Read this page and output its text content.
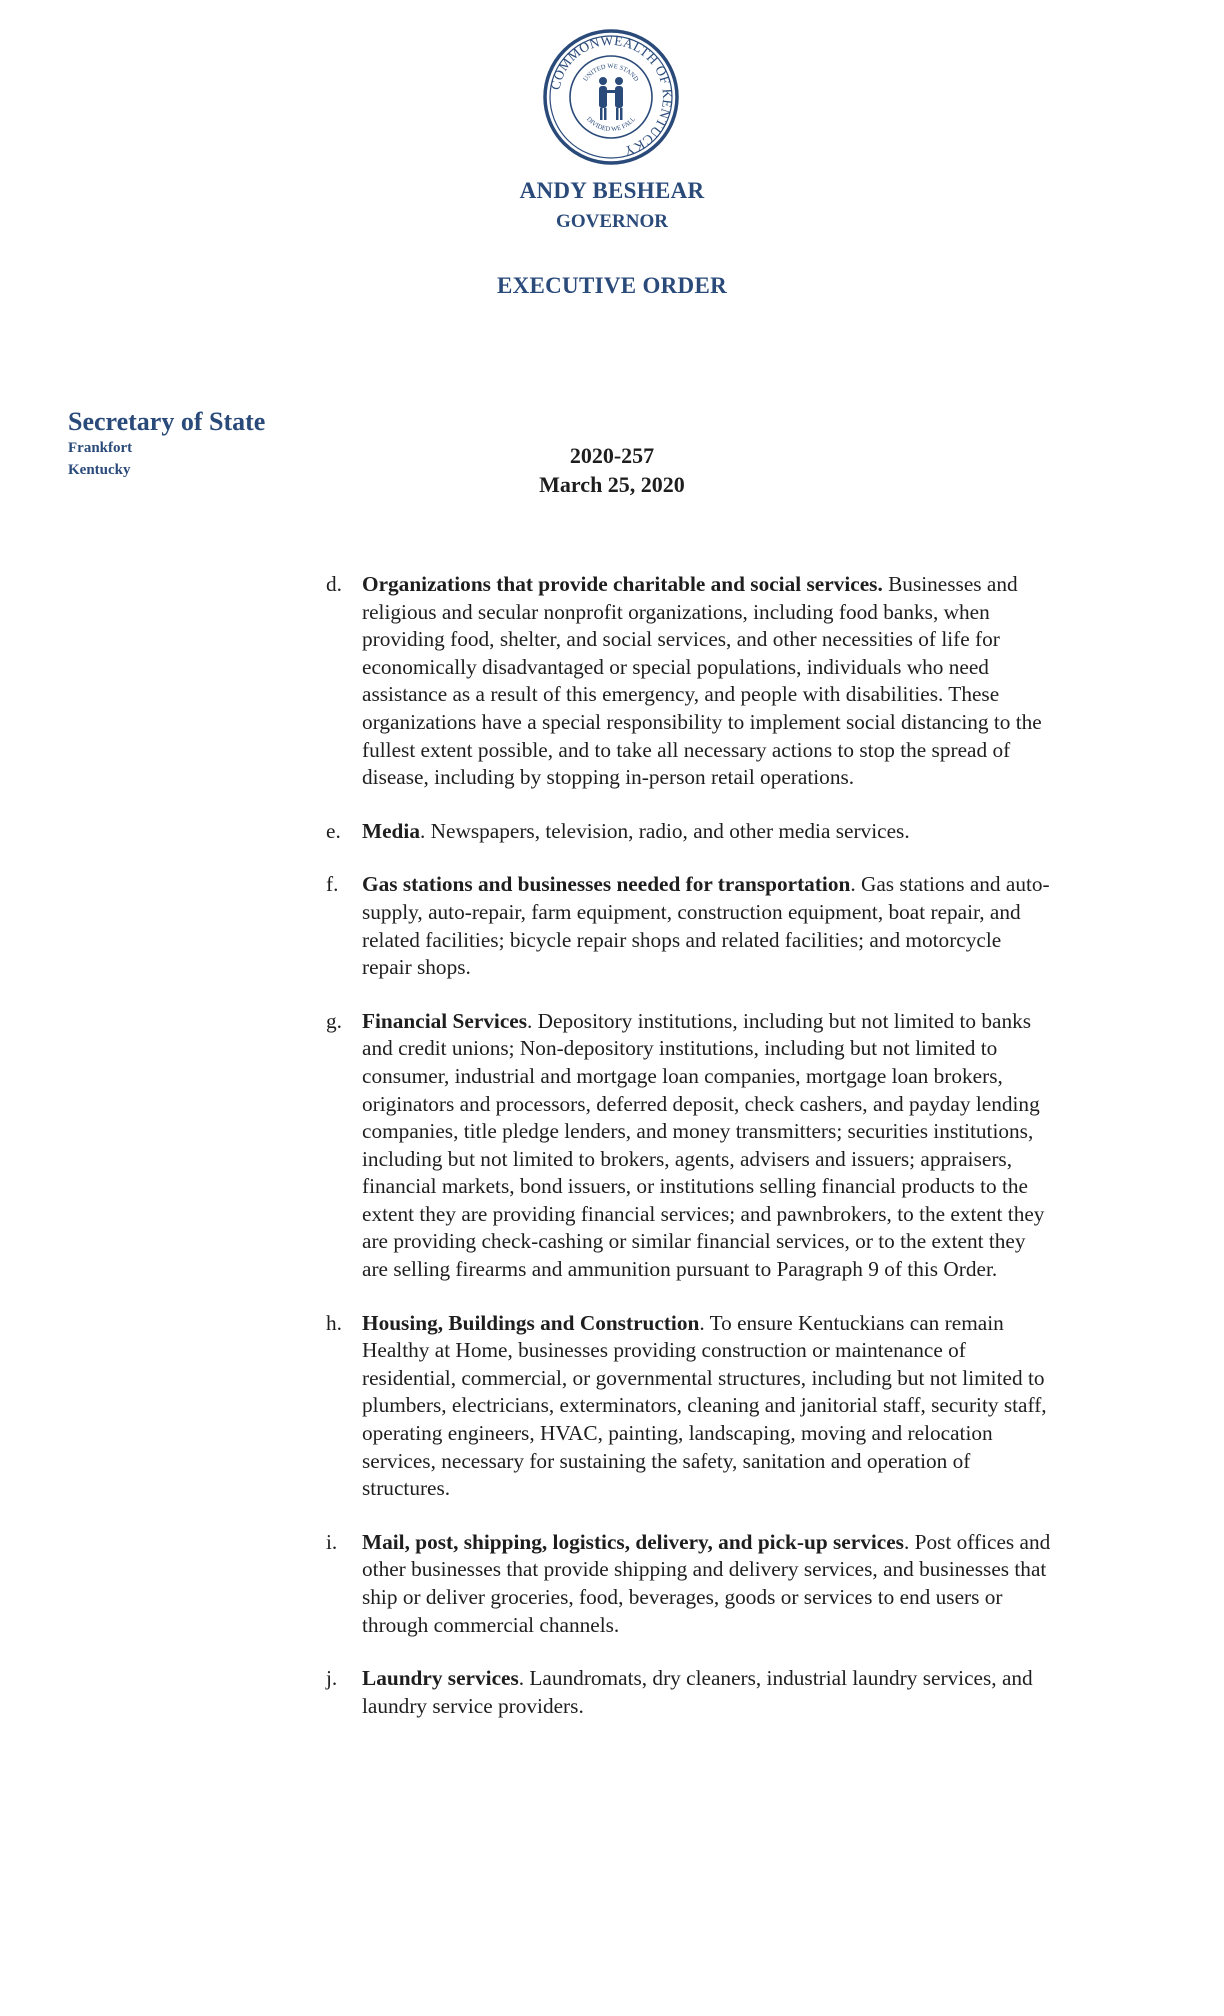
COMMONWEALTH OF KENTUCKY
UNITED WE STAND
DIVIDED WE FALL
ANDY BESHEAR
GOVERNOR
EXECUTIVE ORDER
Secretary of State
Frankfort
Kentucky
2020-257
March 25, 2020
d. Organizations that provide charitable and social services. Businesses and religious and secular nonprofit organizations, including food banks, when providing food, shelter, and social services, and other necessities of life for economically disadvantaged or special populations, individuals who need assistance as a result of this emergency, and people with disabilities. These organizations have a special responsibility to implement social distancing to the fullest extent possible, and to take all necessary actions to stop the spread of disease, including by stopping in-person retail operations.
e. Media. Newspapers, television, radio, and other media services.
f. Gas stations and businesses needed for transportation. Gas stations and auto-supply, auto-repair, farm equipment, construction equipment, boat repair, and related facilities; bicycle repair shops and related facilities; and motorcycle repair shops.
g. Financial Services. Depository institutions, including but not limited to banks and credit unions; Non-depository institutions, including but not limited to consumer, industrial and mortgage loan companies, mortgage loan brokers, originators and processors, deferred deposit, check cashers, and payday lending companies, title pledge lenders, and money transmitters; securities institutions, including but not limited to brokers, agents, advisers and issuers; appraisers, financial markets, bond issuers, or institutions selling financial products to the extent they are providing financial services; and pawnbrokers, to the extent they are providing check-cashing or similar financial services, or to the extent they are selling firearms and ammunition pursuant to Paragraph 9 of this Order.
h. Housing, Buildings and Construction. To ensure Kentuckians can remain Healthy at Home, businesses providing construction or maintenance of residential, commercial, or governmental structures, including but not limited to plumbers, electricians, exterminators, cleaning and janitorial staff, security staff, operating engineers, HVAC, painting, landscaping, moving and relocation services, necessary for sustaining the safety, sanitation and operation of structures.
i. Mail, post, shipping, logistics, delivery, and pick-up services. Post offices and other businesses that provide shipping and delivery services, and businesses that ship or deliver groceries, food, beverages, goods or services to end users or through commercial channels.
j. Laundry services. Laundromats, dry cleaners, industrial laundry services, and laundry service providers.
